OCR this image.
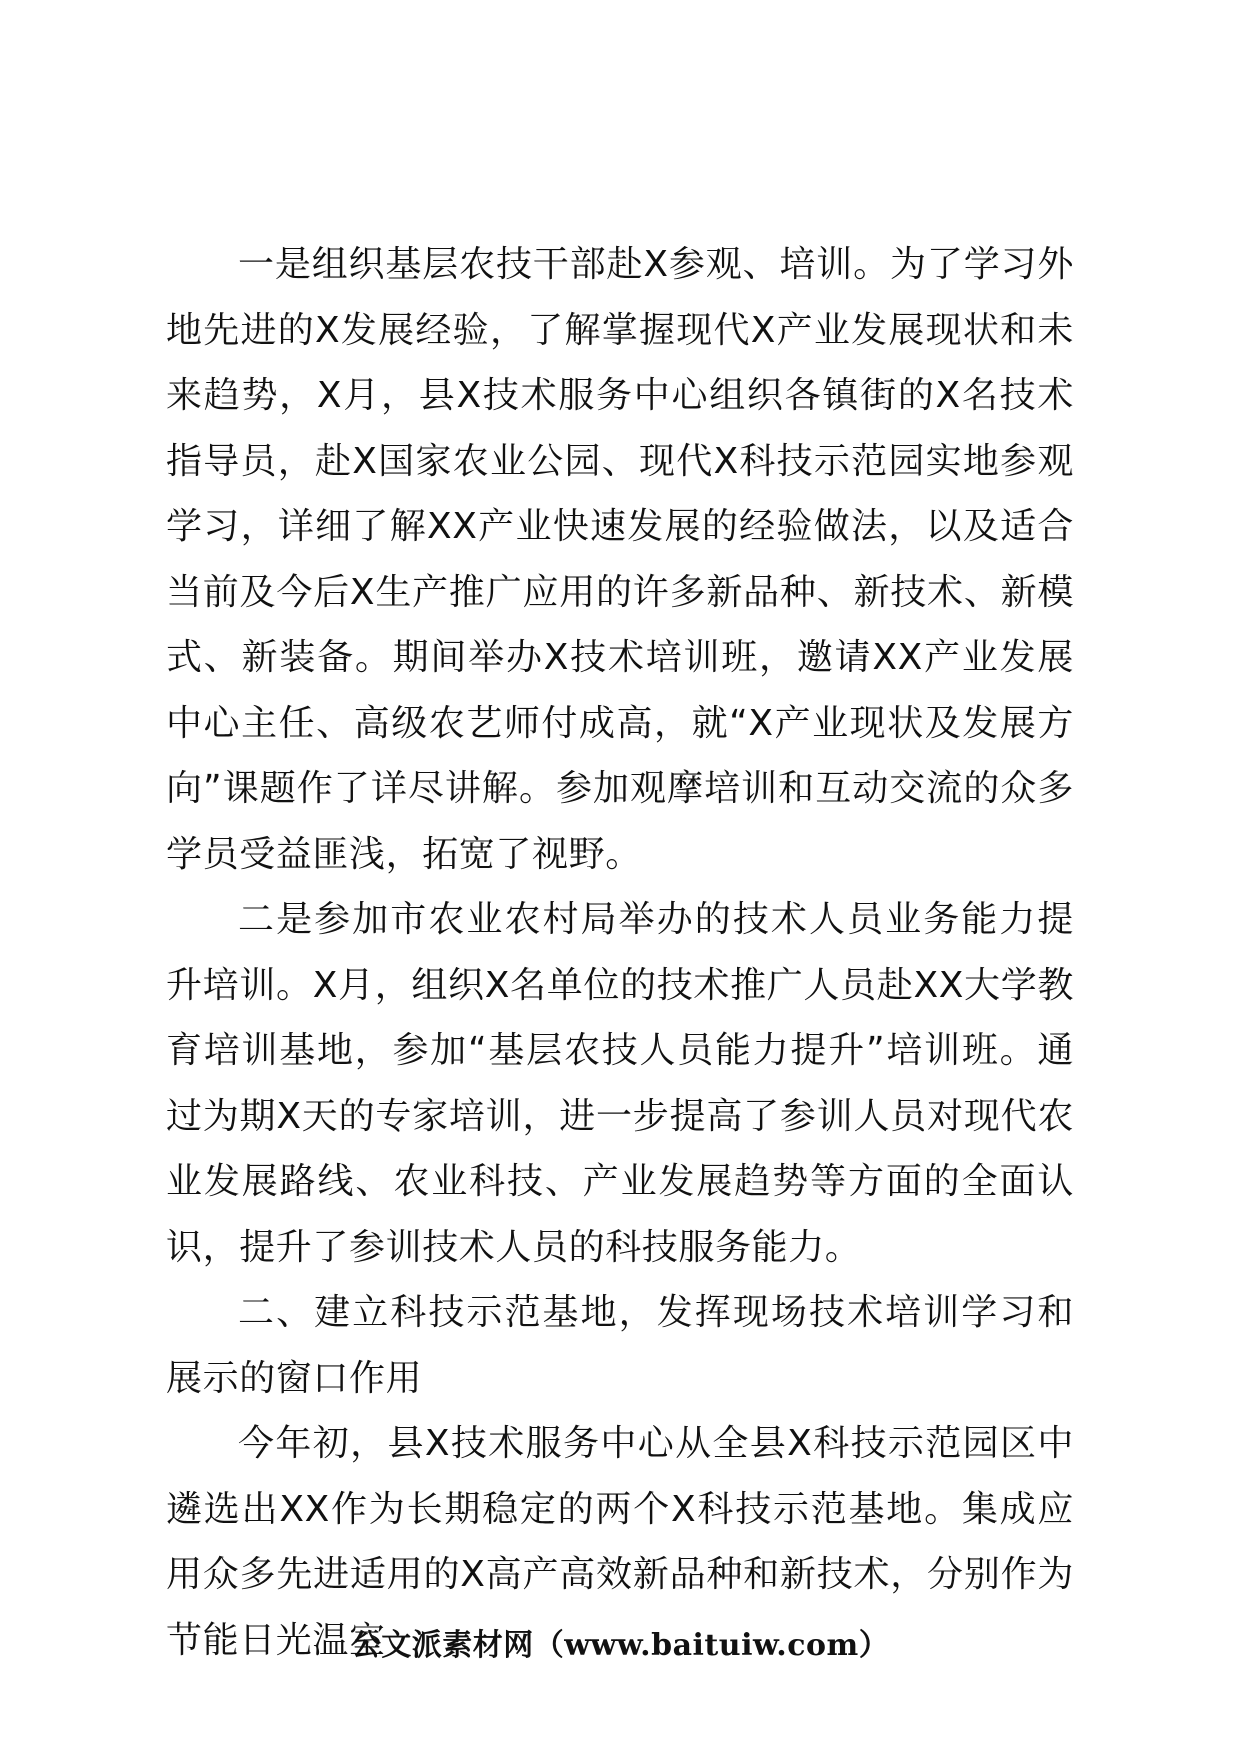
一是组织基层农技干部赴X参观、培训。为了学习外地先进的X发展经验，了解掌握现代X产业发展现状和未来趋势，X月，县X技术服务中心组织各镇街的X名技术指导员，赴X国家农业公园、现代X科技示范园实地参观学习，详细了解XX产业快速发展的经验做法，以及适合当前及今后X生产推广应用的许多新品种、新技术、新模式、新装备。期间举办X技术培训班，邀请XX产业发展中心主任、高级农艺师付成高，就“X产业现状及发展方向”课题作了详尽讲解。参加观摩培训和互动交流的众多学员受益匪浅，拓宽了视野。

二是参加市农业农村局举办的技术人员业务能力提升培训。X月，组织X名单位的技术推广人员赴XX大学教育培训基地，参加“基层农技人员能力提升”培训班。通过为期X天的专家培训，进一步提高了参训人员对现代农业发展路线、农业科技、产业发展趋势等方面的全面认识，提升了参训技术人员的科技服务能力。

二、建立科技示范基地，发挥现场技术培训学习和展示的窗口作用

今年初，县X技术服务中心从全县X科技示范园区中遴选出XX作为长期稳定的两个X科技示范基地。集成应用众多先进适用的X高产高效新品种和新技术，分别作为节能日光温室

公文派素材网（www.baituiw.com）
